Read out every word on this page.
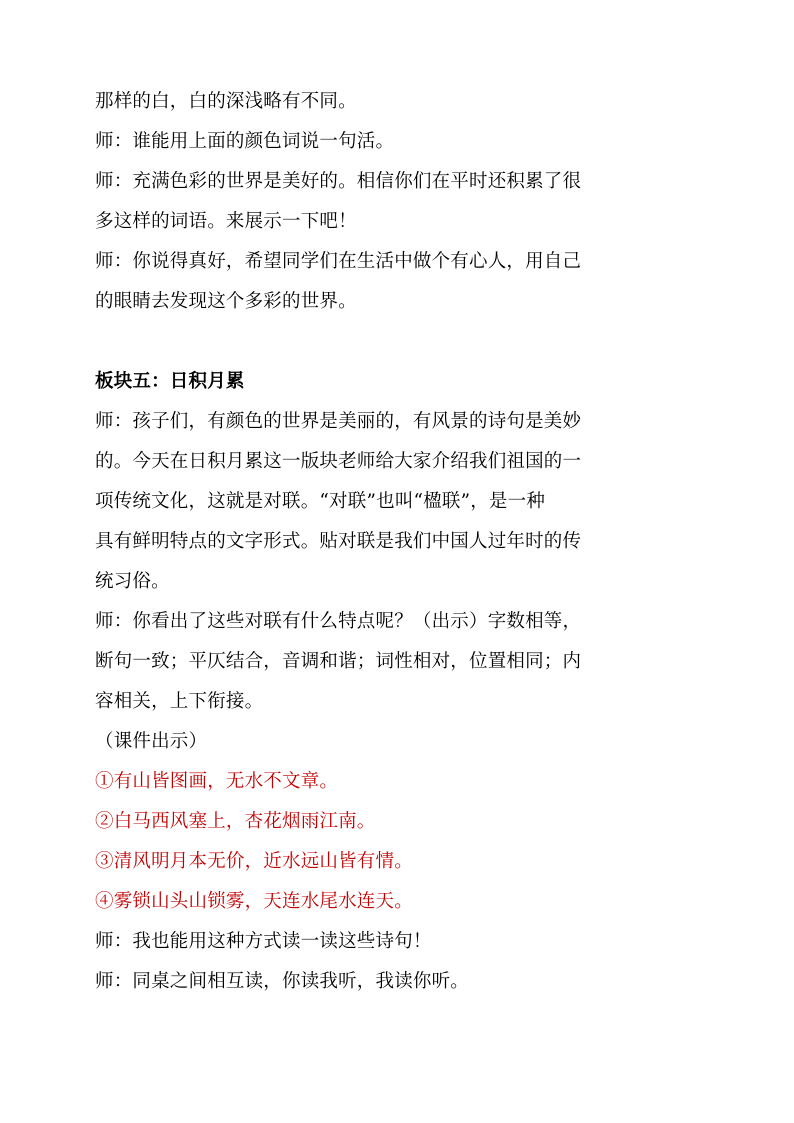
那样的白，白的深浅略有不同。
师：谁能用上面的颜色词说一句活。
师：充满色彩的世界是美好的。相信你们在平时还积累了很
多这样的词语。来展示一下吧！
师：你说得真好，希望同学们在生活中做个有心人，用自己
的眼睛去发现这个多彩的世界。
板块五：日积月累
师：孩子们，有颜色的世界是美丽的，有风景的诗句是美妙
的。今天在日积月累这一版块老师给大家介绍我们祖国的一
项传统文化，这就是对联。“对联”也叫“楹联”，是一种
具有鲜明特点的文字形式。贴对联是我们中国人过年时的传
统习俗。
师：你看出了这些对联有什么特点呢？（出示）字数相等，
断句一致；平仄结合，音调和谐；词性相对，位置相同；内
容相关，上下衔接。
（课件出示）
①有山皆图画，无水不文章。
②白马西风塞上，杏花烟雨江南。
③清风明月本无价，近水远山皆有情。
④雾锁山头山锁雾，天连水尾水连天。
师：我也能用这种方式读一读这些诗句！
师：同桌之间相互读，你读我听，我读你听。
